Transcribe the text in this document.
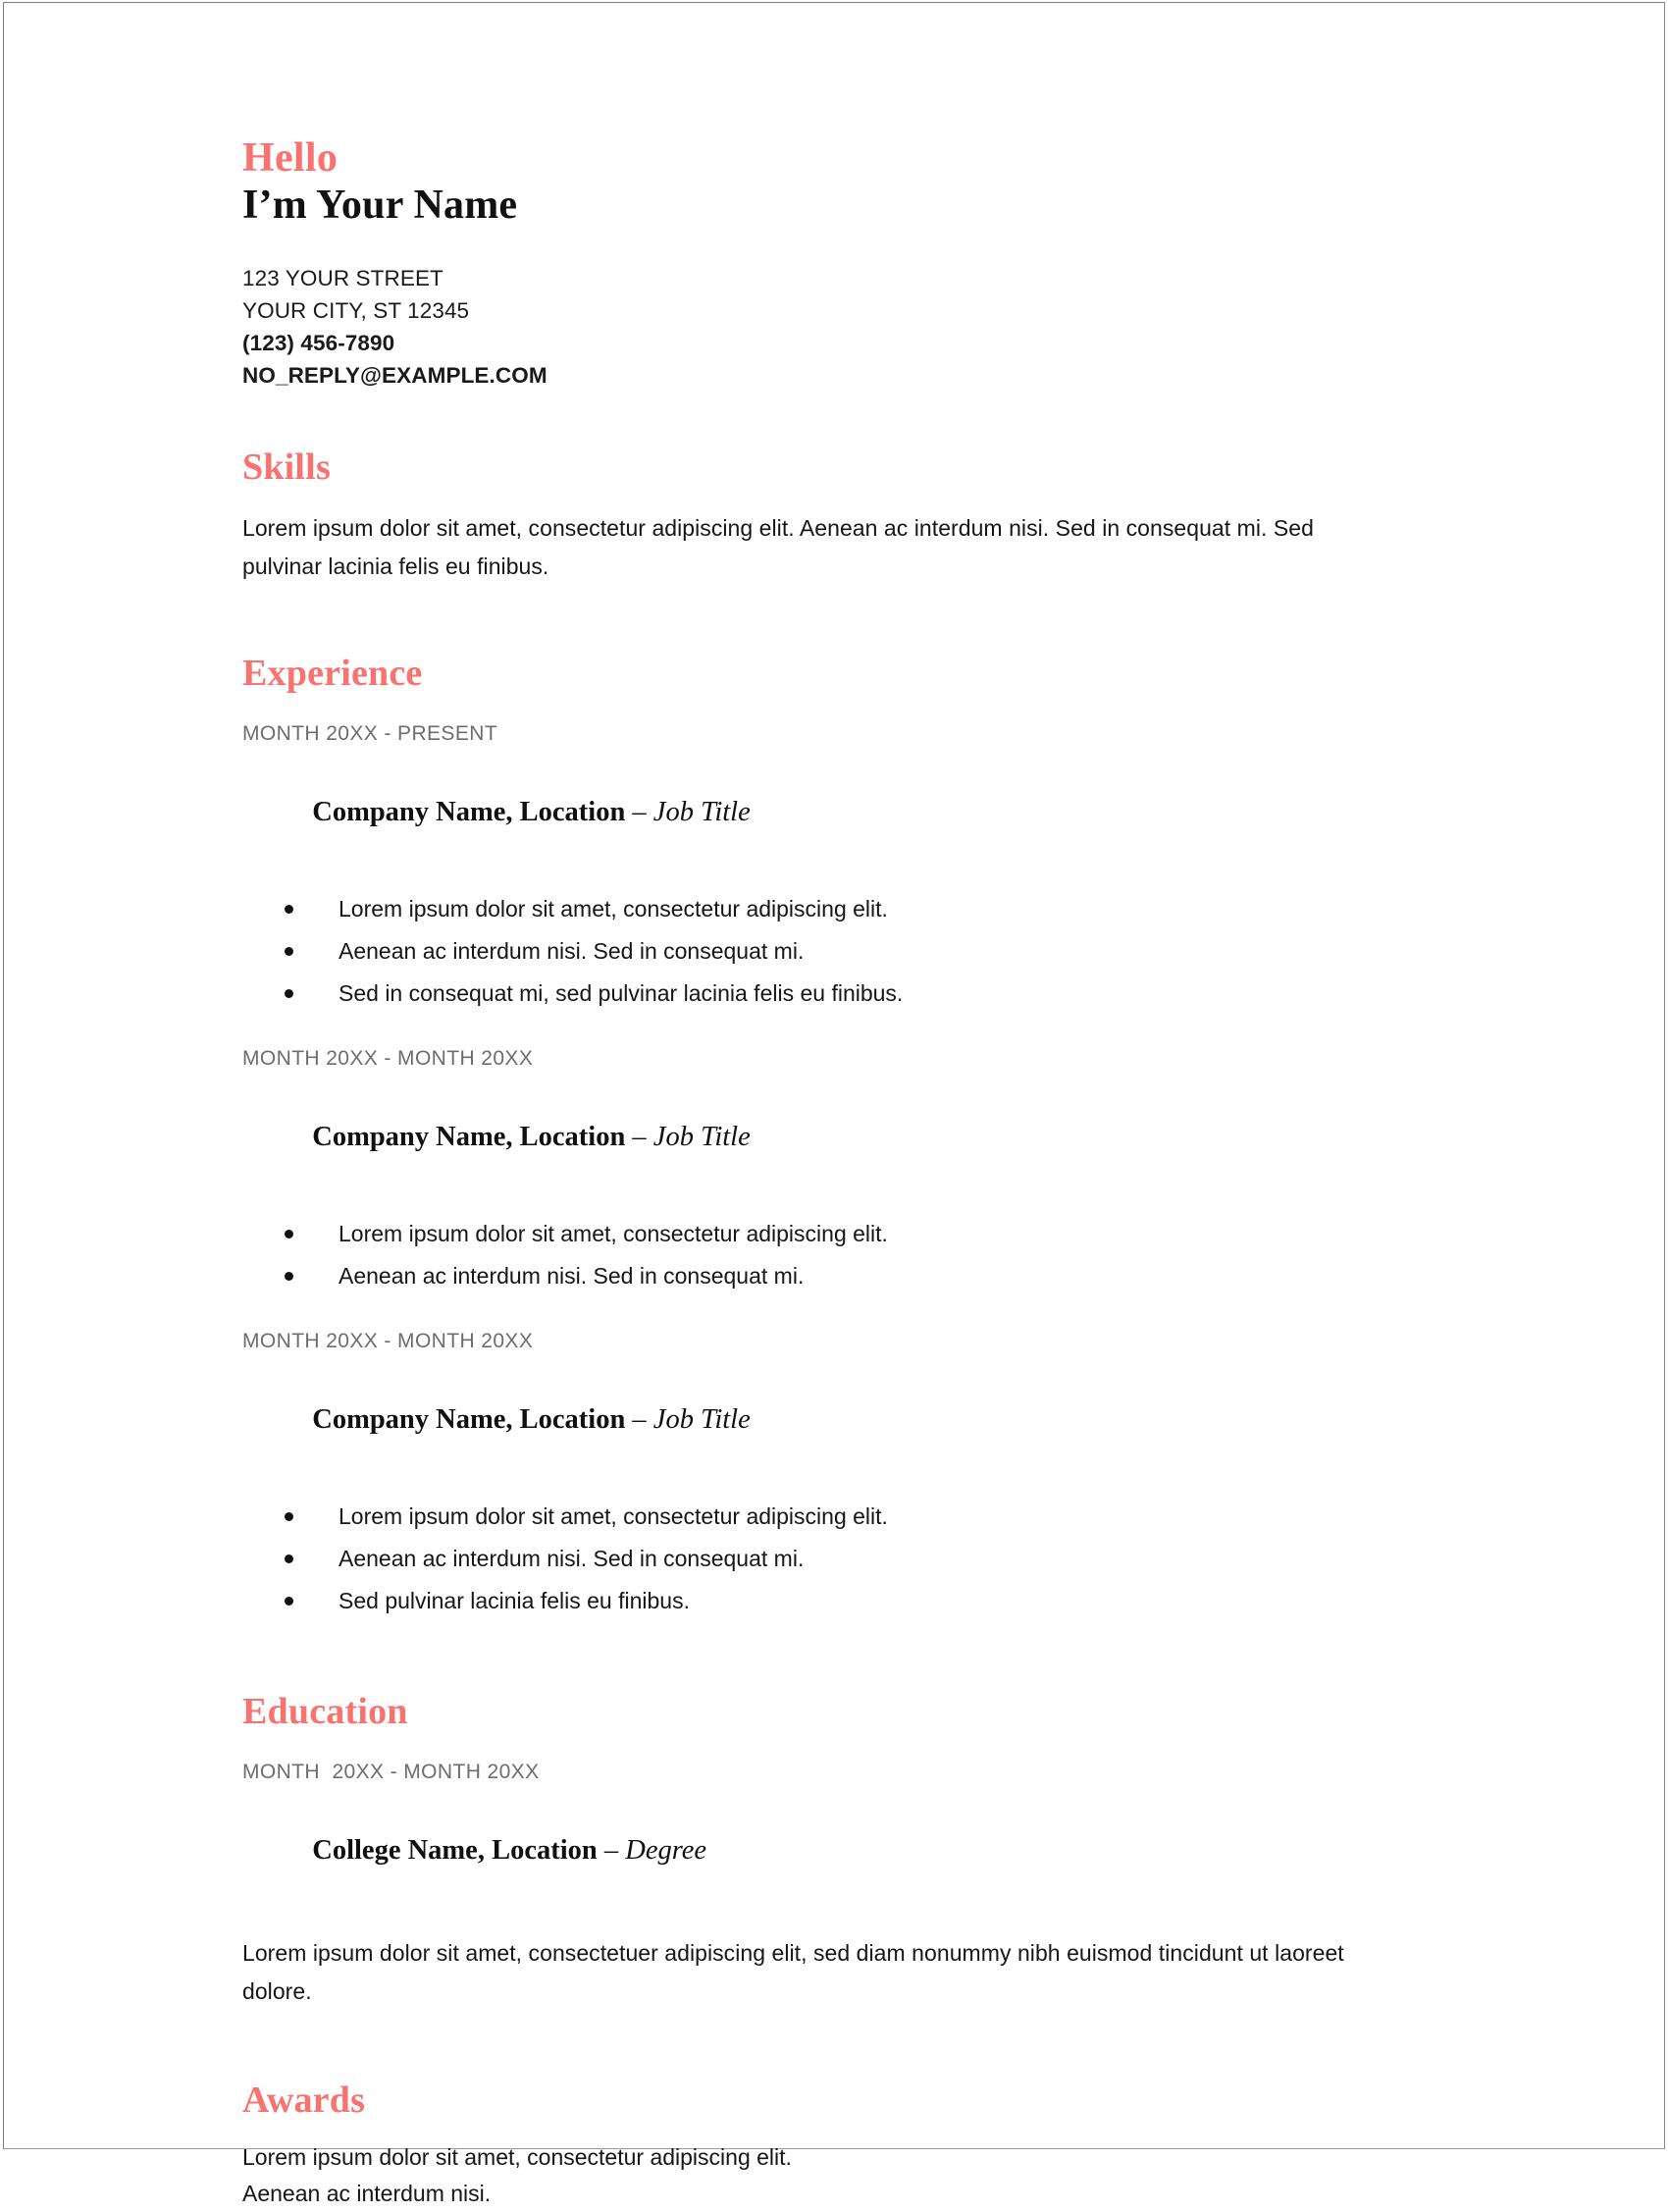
Hello
I’m Your Name
123 YOUR STREET
YOUR CITY, ST 12345
(123) 456-7890
NO_REPLY@EXAMPLE.COM
Skills

Lorem ipsum dolor sit amet, consectetur adipiscing elit. Aenean ac interdum nisi. Sed in consequat mi. Sed pulvinar lacinia felis eu finibus.

Experience
MONTH 20XX - PRESENT

Company Name, Location – Job Title

Lorem ipsum dolor sit amet, consectetur adipiscing elit.
Aenean ac interdum nisi. Sed in consequat mi.
Sed in consequat mi, sed pulvinar lacinia felis eu finibus.
MONTH 20XX - MONTH 20XX

Company Name, Location – Job Title

Lorem ipsum dolor sit amet, consectetur adipiscing elit.
Aenean ac interdum nisi. Sed in consequat mi.
MONTH 20XX - MONTH 20XX

Company Name, Location – Job Title

Lorem ipsum dolor sit amet, consectetur adipiscing elit.
Aenean ac interdum nisi. Sed in consequat mi.
Sed pulvinar lacinia felis eu finibus.
Education
MONTH  20XX - MONTH 20XX

College Name, Location – Degree

Lorem ipsum dolor sit amet, consectetuer adipiscing elit, sed diam nonummy nibh euismod tincidunt ut laoreet dolore.

Awards

Lorem ipsum dolor sit amet, consectetur adipiscing elit.

Aenean ac interdum nisi.
